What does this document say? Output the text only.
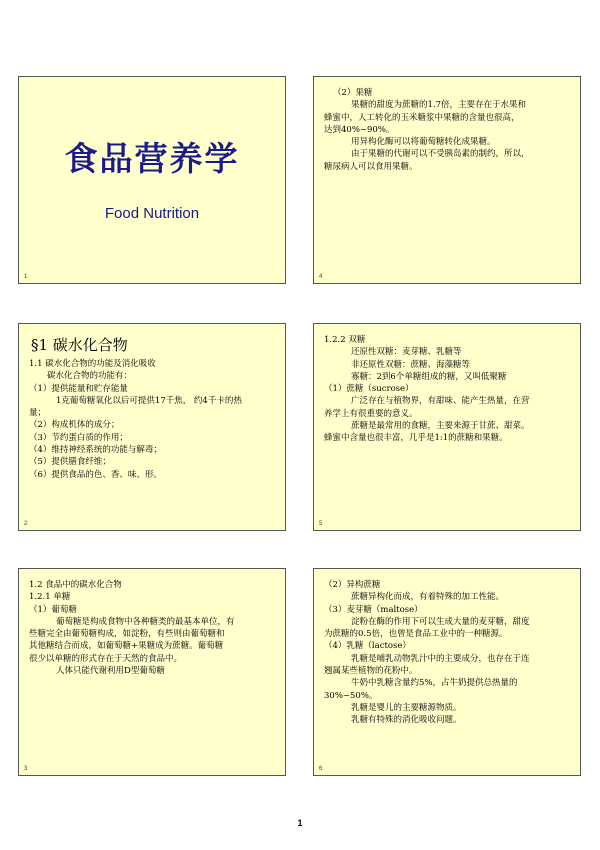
食品营养学
Food Nutrition
1
（2）果糖
果糖的甜度为蔗糖的1.7倍，主要存在于水果和
蜂蜜中，人工转化的玉米糖浆中果糖的含量也很高，
达到40%~90%。
用异构化酶可以将葡萄糖转化成果糖。
由于果糖的代谢可以不受胰岛素的制约，所以，
糖尿病人可以食用果糖。
4
§1 碳水化合物
1.1 碳水化合物的功能及消化吸收
碳水化合物的功能有：
（1）提供能量和贮存能量
1克葡萄糖氧化以后可提供17千焦， 约4千卡的热
量；
（2）构成机体的成分；
（3）节约蛋白质的作用；
（4）维持神经系统的功能与解毒；
（5）提供膳食纤维；
（6）提供食品的色、香、味、形。
2
1.2.2 双糖
还原性双糖：麦芽糖、乳糖等
非还原性双糖：蔗糖、海藻糖等
寡糖：2到6个单糖组成的糖，又叫低聚糖
（1）蔗糖（sucrose）
广泛存在与植物界，有甜味、能产生热量，在营
养学上有很重要的意义。
蔗糖是最常用的食糖，主要来源于甘蔗、甜菜。
蜂蜜中含量也很丰富，几乎是1:1的蔗糖和果糖。
5
1.2 食品中的碳水化合物
1.2.1 单糖
（1）葡萄糖
葡萄糖是构成食物中各种糖类的最基本单位，有
些糖完全由葡萄糖构成，如淀粉，有些则由葡萄糖和
其他糖结合而成，如葡萄糖+果糖成为蔗糖。葡萄糖
很少以单糖的形式存在于天然的食品中。
人体只能代谢利用D型葡萄糖
3
（2）异构蔗糖
蔗糖异构化而成，有着特殊的加工性能。
（3）麦芽糖（maltose）
淀粉在酶的作用下可以生成大量的麦芽糖，甜度
为蔗糖的0.5倍，也曾是食品工业中的一种糖源。
（4）乳糖（lactose）
乳糖是哺乳动物乳汁中的主要成分，也存在于连
翘属某些植物的花粉中。
牛奶中乳糖含量约5%，占牛奶提供总热量的
30%~50%。
乳糖是婴儿的主要糖源物质。
乳糖有特殊的消化吸收问题。
6
1
